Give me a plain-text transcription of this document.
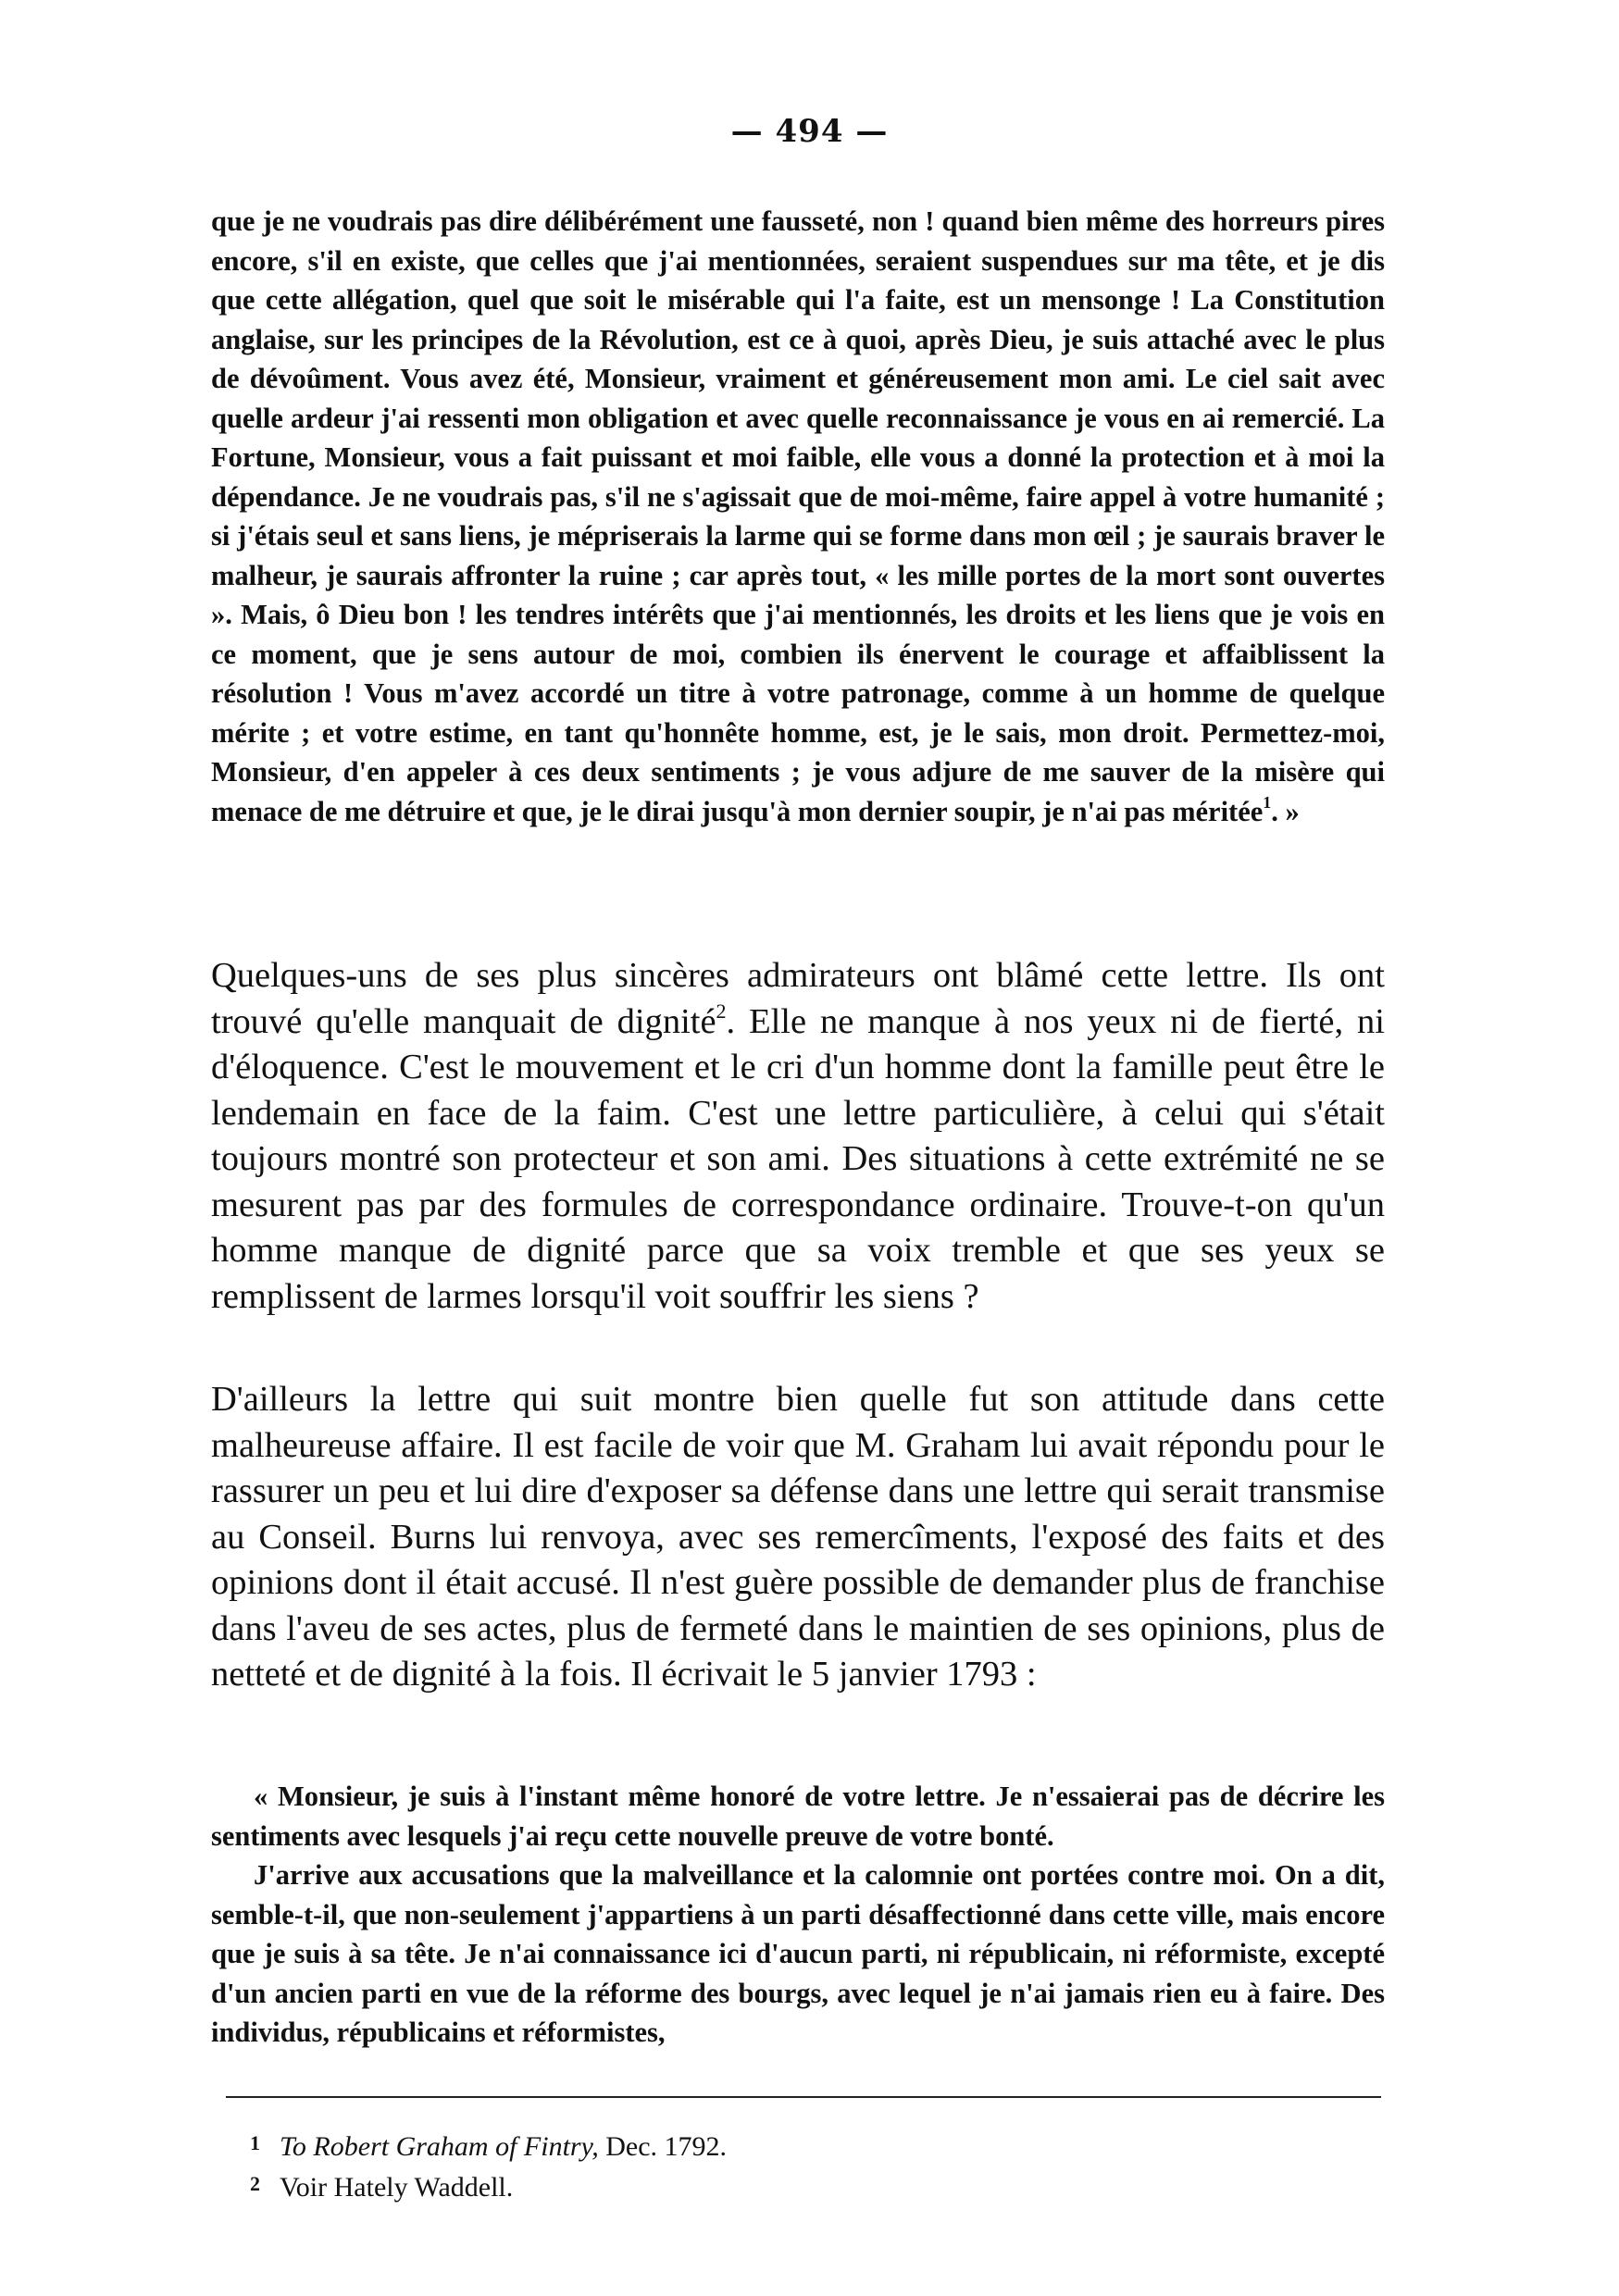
— 494 —

que je ne voudrais pas dire délibérément une fausseté, non ! quand bien même des horreurs pires encore, s'il en existe, que celles que j'ai mentionnées, seraient suspendues sur ma tête, et je dis que cette allégation, quel que soit le misérable qui l'a faite, est un mensonge ! La Constitution anglaise, sur les principes de la Révolution, est ce à quoi, après Dieu, je suis attaché avec le plus de dévoûment. Vous avez été, Monsieur, vraiment et généreusement mon ami. Le ciel sait avec quelle ardeur j'ai ressenti mon obligation et avec quelle reconnaissance je vous en ai remercié. La Fortune, Monsieur, vous a fait puissant et moi faible, elle vous a donné la protection et à moi la dépendance. Je ne voudrais pas, s'il ne s'agissait que de moi-même, faire appel à votre humanité ; si j'étais seul et sans liens, je mépriserais la larme qui se forme dans mon œil ; je saurais braver le malheur, je saurais affronter la ruine ; car après tout, « les mille portes de la mort sont ouvertes ». Mais, ô Dieu bon ! les tendres intérêts que j'ai mentionnés, les droits et les liens que je vois en ce moment, que je sens autour de moi, combien ils énervent le courage et affaiblissent la résolution ! Vous m'avez accordé un titre à votre patronage, comme à un homme de quelque mérite ; et votre estime, en tant qu'honnête homme, est, je le sais, mon droit. Permettez-moi, Monsieur, d'en appeler à ces deux sentiments ; je vous adjure de me sauver de la misère qui menace de me détruire et que, je le dirai jusqu'à mon dernier soupir, je n'ai pas méritée$^1$. »

Quelques-uns de ses plus sincères admirateurs ont blâmé cette lettre. Ils ont trouvé qu'elle manquait de dignité$^2$. Elle ne manque à nos yeux ni de fierté, ni d'éloquence. C'est le mouvement et le cri d'un homme dont la famille peut être le lendemain en face de la faim. C'est une lettre particulière, à celui qui s'était toujours montré son protecteur et son ami. Des situations à cette extrémité ne se mesurent pas par des formules de correspondance ordinaire. Trouve-t-on qu'un homme manque de dignité parce que sa voix tremble et que ses yeux se remplissent de larmes lorsqu'il voit souffrir les siens ?

D'ailleurs la lettre qui suit montre bien quelle fut son attitude dans cette malheureuse affaire. Il est facile de voir que M. Graham lui avait répondu pour le rassurer un peu et lui dire d'exposer sa défense dans une lettre qui serait transmise au Conseil. Burns lui renvoya, avec ses remercîments, l'exposé des faits et des opinions dont il était accusé. Il n'est guère possible de demander plus de franchise dans l'aveu de ses actes, plus de fermeté dans le maintien de ses opinions, plus de netteté et de dignité à la fois. Il écrivait le 5 janvier 1793 :

« Monsieur, je suis à l'instant même honoré de votre lettre. Je n'essaierai pas de décrire les sentiments avec lesquels j'ai reçu cette nouvelle preuve de votre bonté.

J'arrive aux accusations que la malveillance et la calomnie ont portées contre moi. On a dit, semble-t-il, que non-seulement j'appartiens à un parti désaffectionné dans cette ville, mais encore que je suis à sa tête. Je n'ai connaissance ici d'aucun parti, ni républicain, ni réformiste, excepté d'un ancien parti en vue de la réforme des bourgs, avec lequel je n'ai jamais rien eu à faire. Des individus, républicains et réformistes,

1 To Robert Graham of Fintry, Dec. 1792.
2 Voir Hately Waddell.
